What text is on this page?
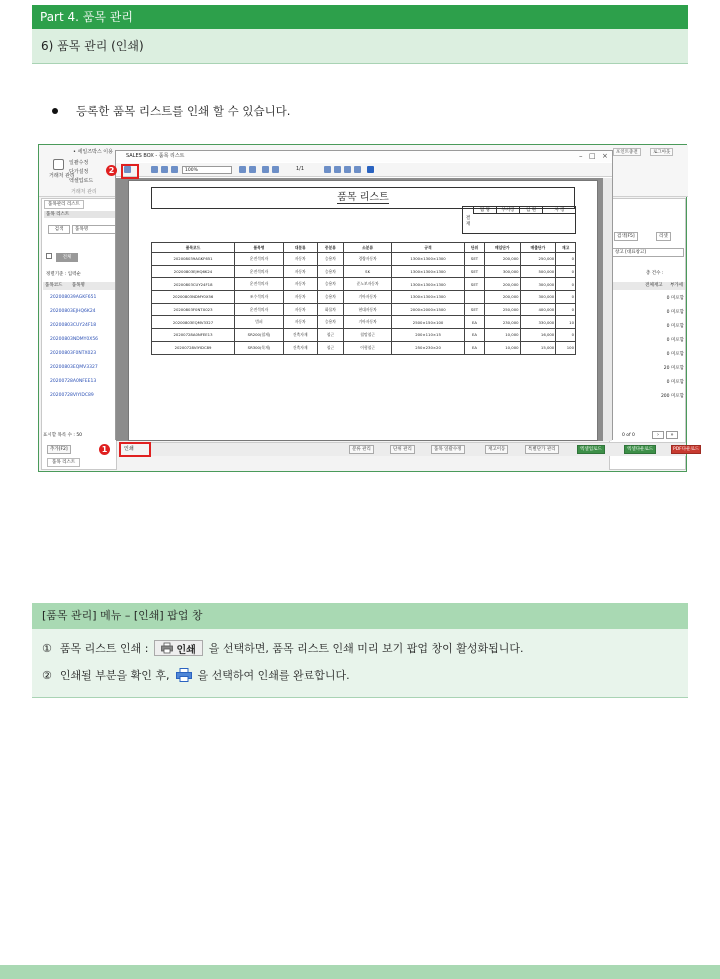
Part 4. 품목 관리
6) 품목 관리 (인쇄)
등록한 품목 리스트를 인쇄 할 수 있습니다.
• 세일즈박스 이용
거래처 관리
일괄수정
단가설정
엑셀업로드
거래처 관리
포인트충전	로그아웃
품목관리 리스트
품목 리스트
검색	품목명
전체
정렬기준 : 입력순
품목코드 품목명
202008039AGKF651
20200803EJHQ6K24
20200803CUY24F18
20200803NDMY0X56
20200803F0NTX023
20200803EQMV3327
20200728A0NFEE13
20200728VIYIDC89
표시할 목록 수 : 50
검색[F5]	리셋
창고 [대표창고]
총 건수 :
전체재고 부가세
0 미포함
0 미포함
0 미포함
0 미포함
0 미포함
20 미포함
0 미포함
200 미포함
0 of 0	›	»
분류 관리	단위 관리	품목 일괄수정	재고이동	특별단가 관리	엑셀업로드	엑셀다운로드	PDF다운로드
추가[F2]	인쇄
1
품목 리스트
SALES BOX - 품목 리스트	– □ ×
100%	1/1
품목 리스트
결
재
담 당	부서장	임 원	사 장
품목코드	품목명	대분류	중분류	소분류	규격	단위	매입단가	매출단가	재고
202008039AGKF651	운전석의자	자동차	승용차	경량자동차	1300×1300×1300	SET	200,000	250,000	0
20200803EJHQ6K24	운전석의자	자동차	승용차	SK	1300×1300×1300	SET	300,000	500,000	0
20200803CUY24F18	운전석의자	자동차	승용차	준노보자동차	1300×1300×1300	SET	200,000	300,000	0
20200803NDMY0X56	조수석의자	자동차	승용차	기아자동차	1300×1300×1300		200,000	300,000	0
20200803F0NTX023	운전석의자	자동차	화물차	현대자동차	2000×2000×1500	SET	250,000	400,000	0
20200803EQMV3327	범퍼	자동차	승용차	기아자동차	2500×150×100	EA	230,000	330,000	10
20200728A0NFEE13	SR200(철제)	건축자재	철근	철망철근	200×110×15	EA	10,000	16,000	0
20200728VIYIDC89	SR300(목재)	건축자재	철근	이형철근	250×230×20	EA	10,000	15,000	100
2
[품목 관리] 메뉴 – [인쇄] 팝업 창
① 품목 리스트 인쇄 :	인쇄 을 선택하면, 품목 리스트 인쇄 미리 보기 팝업 창이 활성화됩니다.
② 인쇄될 부분을 확인 후,	을 선택하여 인쇄를 완료합니다.
